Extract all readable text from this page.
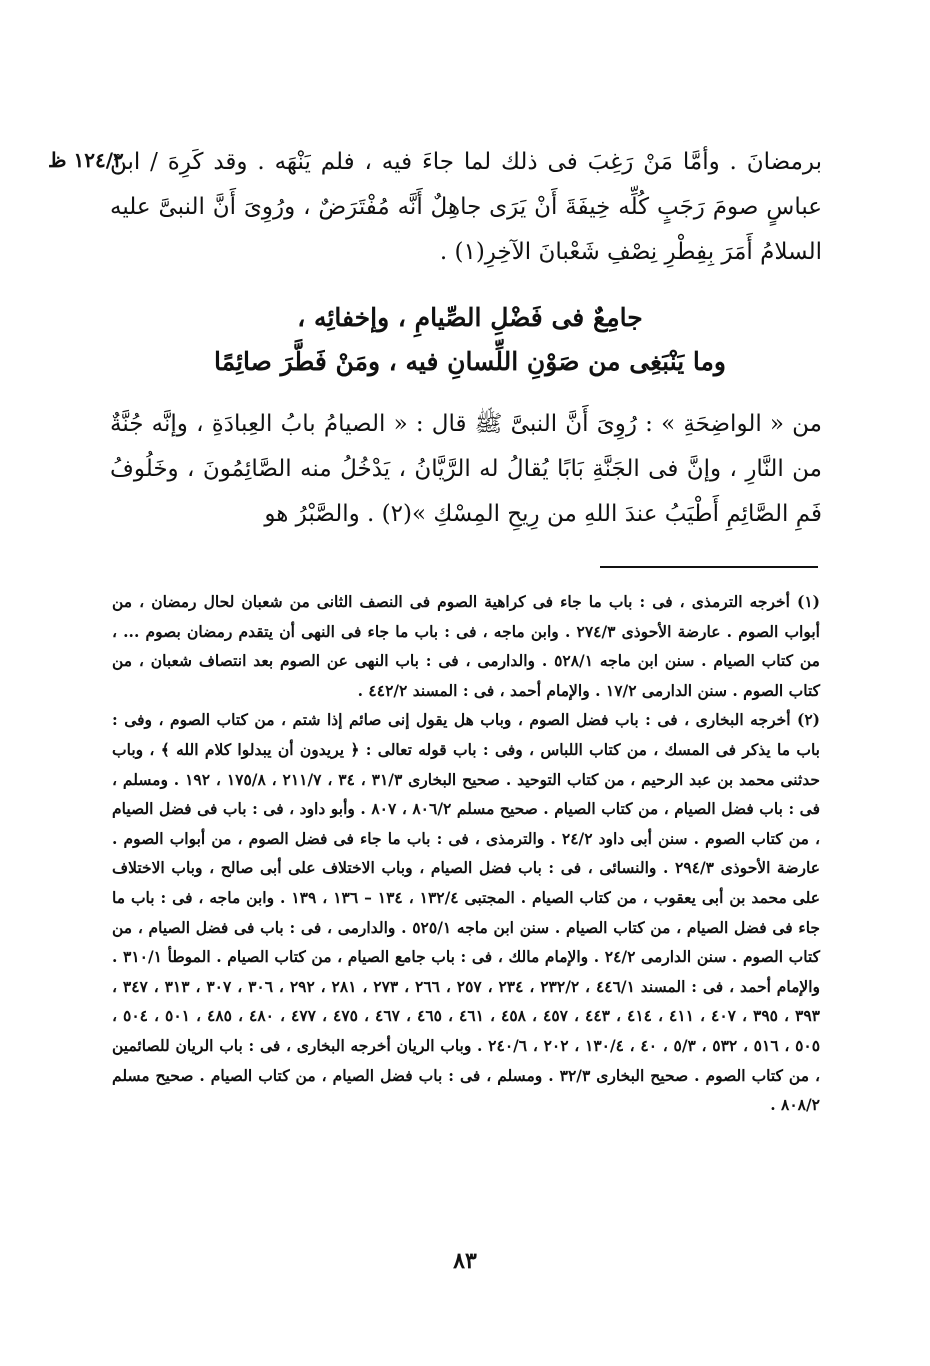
١٢٤/٢ ظ

برمضانَ . وأمَّا مَنْ رَغِبَ فى ذلك لما جاءَ فيه ، فلم يَنْهَه . وقد كَرِهَ / ابنُ عباسٍ صومَ رَجَبٍ كُلِّه خِيفَةَ أَنْ يَرَى جاهِلٌ أَنَّه مُفْتَرَضٌ ، ورُوِىَ أَنَّ النبىَّ عليه السلامُ أَمَرَ بِفِطْرِ نِصْفِ شَعْبانَ الآخِرِ(١) .

جامِعٌ فى فَضْلِ الصِّيامِ ، وإخفائِه ،
وما يَنْبَغِى من صَوْنِ اللِّسانِ فيه ، ومَنْ فَطَّرَ صائِمًا

من « الواضِحَةِ » : رُوِىَ أَنَّ النبىَّ ﷺ قال : « الصيامُ بابُ العِبادَةِ ، وإنَّه جُنَّةٌ من النَّارِ ، وإنَّ فى الجَنَّةِ بَابًا يُقالُ له الرَّيَّانُ ، يَدْخُلُ منه الصَّائِمُونَ ، وخَلُوفُ فَمِ الصَّائِمِ أَطْيَبُ عندَ اللهِ من رِيحِ المِسْكِ »(٢) . والصَّبْرُ هو

(١) أخرجه الترمذى ، فى : باب ما جاء فى كراهية الصوم فى النصف الثانى من شعبان لحال رمضان ، من أبواب الصوم . عارضة الأحوذى ٢٧٤/٣ . وابن ماجه ، فى : باب ما جاء فى النهى أن يتقدم رمضان بصوم ... ، من كتاب الصيام . سنن ابن ماجه ٥٢٨/١ . والدارمى ، فى : باب النهى عن الصوم بعد انتصاف شعبان ، من كتاب الصوم . سنن الدارمى ١٧/٢ . والإمام أحمد ، فى : المسند ٤٤٢/٢ .

(٢) أخرجه البخارى ، فى : باب فضل الصوم ، وباب هل يقول إنى صائم إذا شتم ، من كتاب الصوم ، وفى : باب ما يذكر فى المسك ، من كتاب اللباس ، وفى : باب قوله تعالى : ﴿ يريدون أن يبدلوا كلام الله ﴾ ، وباب حدثنى محمد بن عبد الرحيم ، من كتاب التوحيد . صحيح البخارى ٣١/٣ ، ٣٤ ، ٢١١/٧ ، ١٧٥/٨ ، ١٩٢ . ومسلم ، فى : باب فضل الصيام ، من كتاب الصيام . صحيح مسلم ٨٠٦/٢ ، ٨٠٧ . وأبو داود ، فى : باب فى فضل الصيام ، من كتاب الصوم . سنن أبى داود ٢٤/٢ . والترمذى ، فى : باب ما جاء فى فضل الصوم ، من أبواب الصوم . عارضة الأحوذى ٢٩٤/٣ . والنسائى ، فى : باب فضل الصيام ، وباب الاختلاف على أبى صالح ، وباب الاختلاف على محمد بن أبى يعقوب ، من كتاب الصيام . المجتبى ١٣٢/٤ ، ١٣٤ – ١٣٦ ، ١٣٩ . وابن ماجه ، فى : باب ما جاء فى فضل الصيام ، من كتاب الصيام . سنن ابن ماجه ٥٢٥/١ . والدارمى ، فى : باب فى فضل الصيام ، من كتاب الصوم . سنن الدارمى ٢٤/٢ . والإمام مالك ، فى : باب جامع الصيام ، من كتاب الصيام . الموطأ ٣١٠/١ . والإمام أحمد ، فى : المسند ٤٤٦/١ ، ٢٣٢/٢ ، ٢٣٤ ، ٢٥٧ ، ٢٦٦ ، ٢٧٣ ، ٢٨١ ، ٢٩٢ ، ٣٠٦ ، ٣٠٧ ، ٣١٣ ، ٣٤٧ ، ٣٩٣ ، ٣٩٥ ، ٤٠٧ ، ٤١١ ، ٤١٤ ، ٤٤٣ ، ٤٥٧ ، ٤٥٨ ، ٤٦١ ، ٤٦٥ ، ٤٦٧ ، ٤٧٥ ، ٤٧٧ ، ٤٨٠ ، ٤٨٥ ، ٥٠١ ، ٥٠٤ ، ٥٠٥ ، ٥١٦ ، ٥٣٢ ، ٥/٣ ، ٤٠ ، ١٣٠/٤ ، ٢٠٢ ، ٢٤٠/٦ . وباب الريان أخرجه البخارى ، فى : باب الريان للصائمين ، من كتاب الصوم . صحيح البخارى ٣٢/٣ . ومسلم ، فى : باب فضل الصيام ، من كتاب الصيام . صحيح مسلم ٨٠٨/٢ .

٨٣
